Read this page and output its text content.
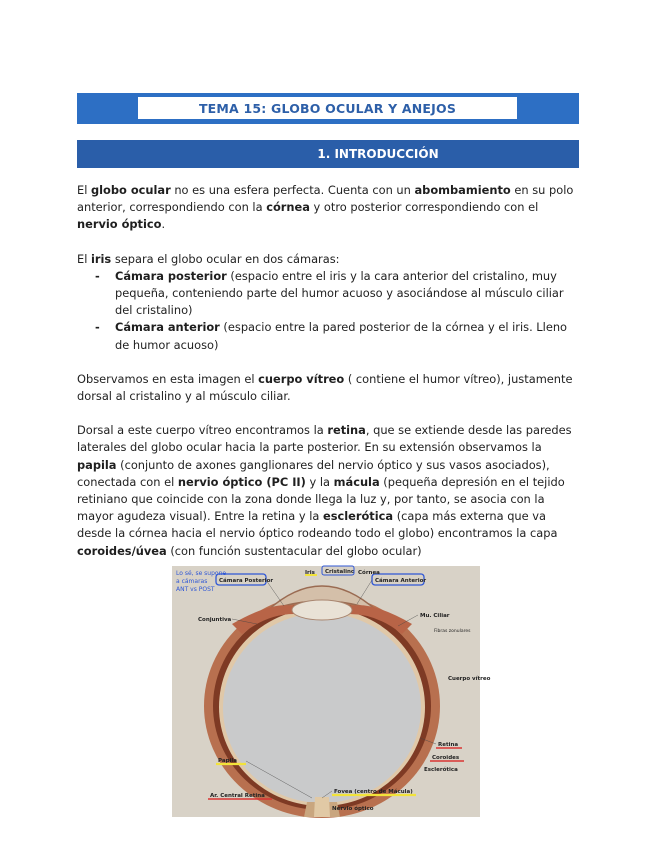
TEMA 15: GLOBO OCULAR Y ANEJOS
1. INTRODUCCIÓN

El globo ocular no es una esfera perfecta. Cuenta con un abombamiento en su polo anterior, correspondiendo con la córnea y otro posterior correspondiendo con el nervio óptico.

El iris separa el globo ocular en dos cámaras:

- Cámara posterior (espacio entre el iris y la cara anterior del cristalino, muy pequeña, conteniendo parte del humor acuoso y asociándose al músculo ciliar del cristalino)
- Cámara anterior (espacio entre la pared posterior de la córnea y el iris. Lleno de humor acuoso)

Observamos en esta imagen el cuerpo vítreo ( contiene el humor vítreo), justamente dorsal al cristalino y al músculo ciliar.

Dorsal a este cuerpo vítreo encontramos la retina, que se extiende desde las paredes laterales del globo ocular hacia la parte posterior. En su extensión observamos la papila (conjunto de axones ganglionares del nervio óptico y sus vasos asociados), conectada con el nervio óptico (PC II) y la mácula (pequeña depresión en el tejido retiniano que coincide con la zona donde llega la luz y, por tanto, se asocia con la mayor agudeza visual). Entre la retina y la esclerótica (capa más externa que va desde la córnea hacia el nervio óptico rodeando todo el globo) encontramos la capa coroides/úvea (con función sustentacular del globo ocular)

Lo sé, se supone
a cámaras
ANT vs POST
Cámara Posterior	Cámara Anterior
Iris Cristalino Córnea
Conjuntiva
Mu. Ciliar
Fibras zonulares
Cuerpo vítreo
Retina
Coroides
Esclerótica
Papila
Ar. Central Retina
Fovea (centro de Mácula)
Nervio óptico
